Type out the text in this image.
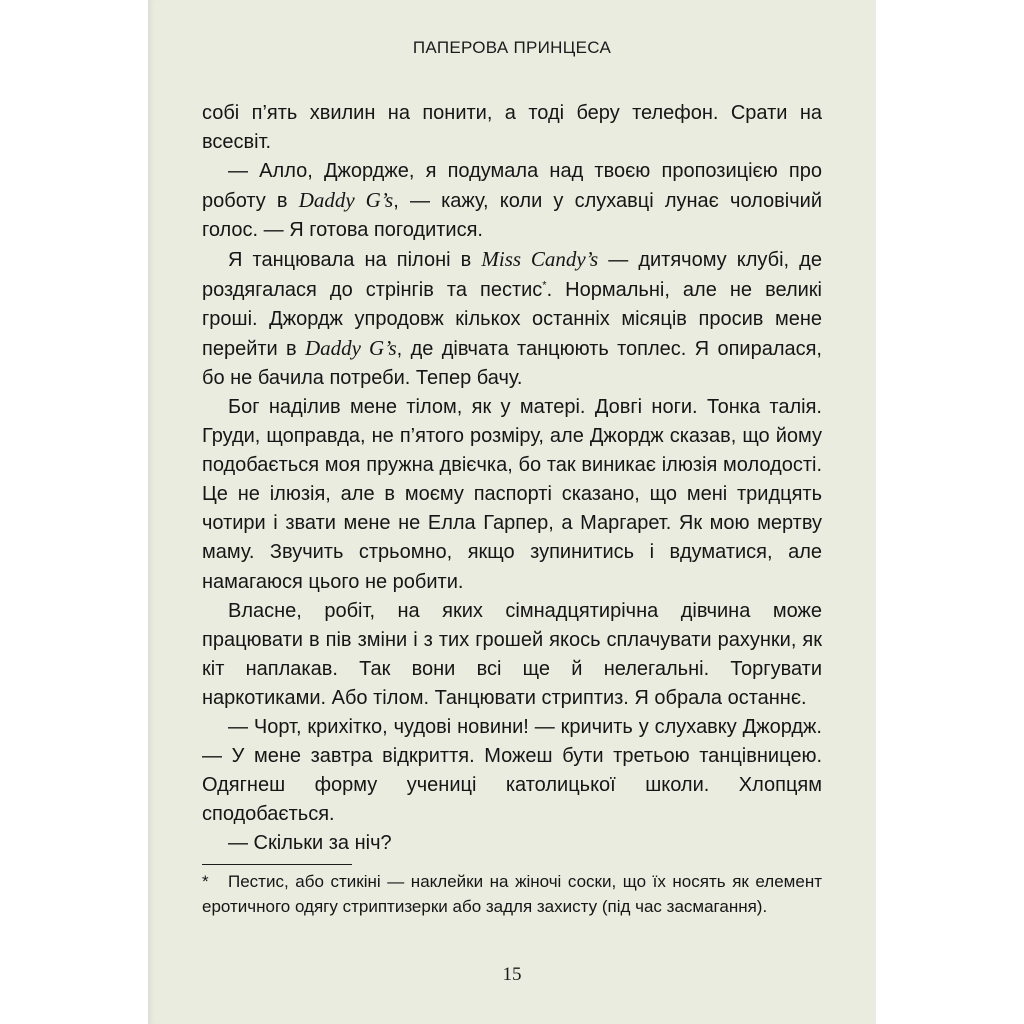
ПАПЕРОВА ПРИНЦЕСА

собі п’ять хвилин на понити, а тоді беру телефон. Срати на всесвіт.

— Алло, Джордже, я подумала над твоєю пропозицією про роботу в Daddy G’s, — кажу, коли у слухавці лунає чоловічий голос. — Я готова погодитися.

Я танцювала на пілоні в Miss Candy’s — дитячому клубі, де роздягалася до стрінгів та пестис*. Нормальні, але не великі гроші. Джордж упродовж кількох останніх місяців просив мене перейти в Daddy G’s, де дівчата танцюють топлес. Я опиралася, бо не бачила потреби. Тепер бачу.

Бог наділив мене тілом, як у матері. Довгі ноги. Тонка талія. Груди, щоправда, не п’ятого розміру, але Джордж сказав, що йому подобається моя пружна двієчка, бо так виникає ілюзія молодості. Це не ілюзія, але в моєму паспорті сказано, що мені тридцять чотири і звати мене не Елла Гарпер, а Маргарет. Як мою мертву маму. Звучить стрьомно, якщо зупинитись і вдуматися, але намагаюся цього не робити.

Власне, робіт, на яких сімнадцятирічна дівчина може працювати в пів зміни і з тих грошей якось сплачувати рахунки, як кіт наплакав. Так вони всі ще й нелегальні. Торгувати наркотиками. Або тілом. Танцювати стриптиз. Я обрала останнє.

— Чорт, крихітко, чудові новини! — кричить у слухавку Джордж. — У мене завтра відкриття. Можеш бути третьою танцівницею. Одягнеш форму учениці католицької школи. Хлопцям сподобається.

— Скільки за ніч?

* Пестис, або стикіні — наклейки на жіночі соски, що їх носять як елемент еротичного одягу стриптизерки або задля захисту (під час засмагання).
15
